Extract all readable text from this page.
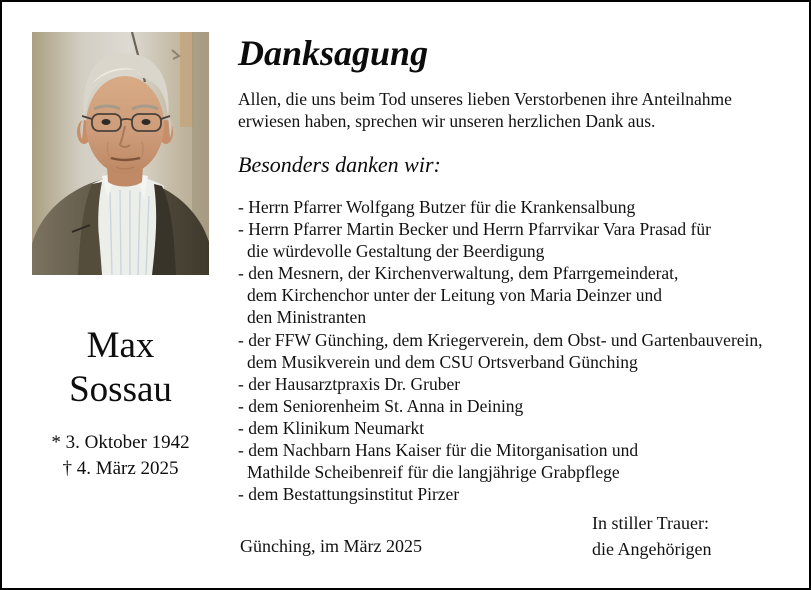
Max
Sossau
* 3. Oktober 1942
† 4. März 2025
Danksagung
Allen, die uns beim Tod unseres lieben Verstorbenen ihre Anteilnahme
erwiesen haben, sprechen wir unseren herzlichen Dank aus.
Besonders danken wir:
- Herrn Pfarrer Wolfgang Butzer für die Krankensalbung
- Herrn Pfarrer Martin Becker und Herrn Pfarrvikar Vara Prasad für
die würdevolle Gestaltung der Beerdigung
- den Mesnern, der Kirchenverwaltung, dem Pfarrgemeinderat,
dem Kirchenchor unter der Leitung von Maria Deinzer und
den Ministranten
- der FFW Günching, dem Kriegerverein, dem Obst- und Gartenbauverein,
dem Musikverein und dem CSU Ortsverband Günching
- der Hausarztpraxis Dr. Gruber
- dem Seniorenheim St. Anna in Deining
- dem Klinikum Neumarkt
- dem Nachbarn Hans Kaiser für die Mitorganisation und
Mathilde Scheibenreif für die langjährige Grabpflege
- dem Bestattungsinstitut Pirzer
Günching, im März 2025
In stiller Trauer:
die Angehörigen
